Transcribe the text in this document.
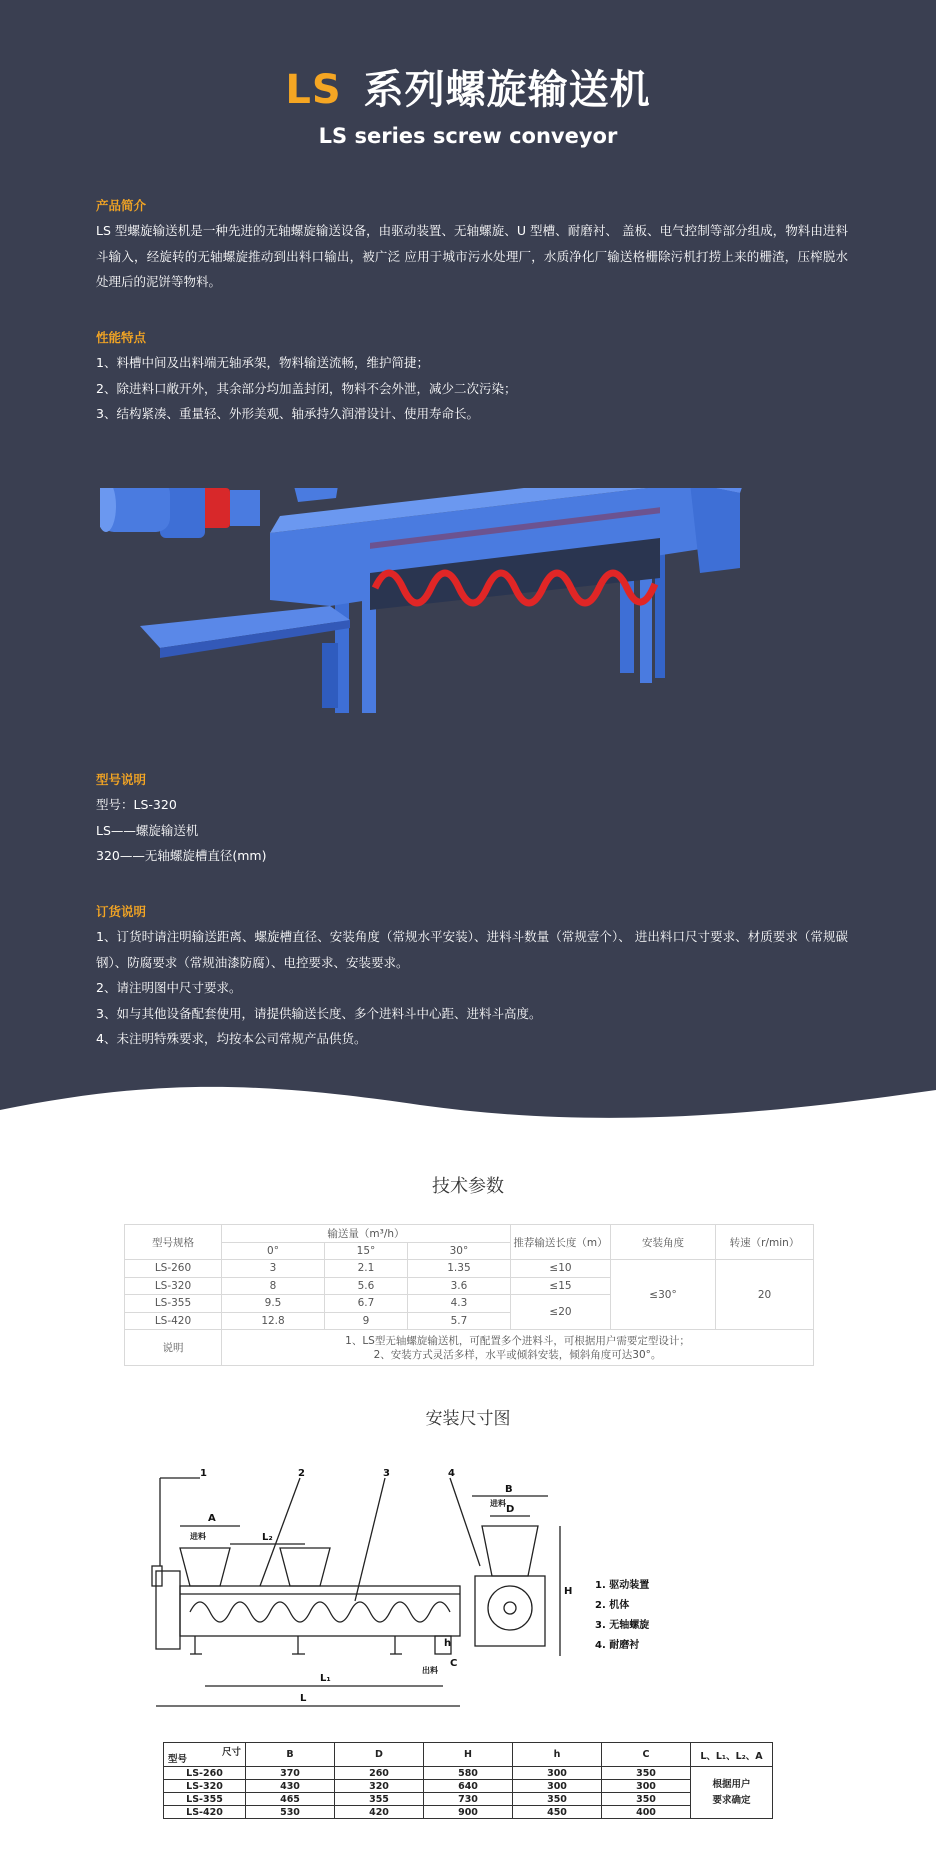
LS 系列螺旋输送机
LS series screw conveyor
产品简介

LS 型螺旋输送机是一种先进的无轴螺旋输送设备，由驱动装置、无轴螺旋、U 型槽、耐磨衬、 盖板、电气控制等部分组成，物料由进料斗输入，经旋转的无轴螺旋推动到出料口输出，被广泛 应用于城市污水处理厂，水质净化厂输送格栅除污机打捞上来的栅渣，压榨脱水处理后的泥饼等物料。

性能特点

1、料槽中间及出料端无轴承架，物料输送流畅，维护简捷；

2、除进料口敞开外，其余部分均加盖封闭，物料不会外泄，减少二次污染；

3、结构紧凑、重量轻、外形美观、轴承持久润滑设计、使用寿命长。

型号说明

型号：LS-320

LS——螺旋输送机

320——无轴螺旋槽直径(mm)

订货说明

1、订货时请注明输送距离、螺旋槽直径、安装角度（常规水平安装）、进料斗数量（常规壹个）、 进出料口尺寸要求、材质要求（常规碳钢）、防腐要求（常规油漆防腐）、电控要求、安装要求。

2、请注明图中尺寸要求。

3、如与其他设备配套使用，请提供输送长度、多个进料斗中心距、进料斗高度。

4、未注明特殊要求，均按本公司常规产品供货。

技术参数
型号规格	输送量（m³/h）			推荐输送长度（m）	安装角度	转速（r/min）
	0°	15°	30°			
LS-260	3	2.1	1.35	≤10	≤30°	20
LS-320	8	5.6	3.6	≤15		
LS-355	9.5	6.7	4.3	≤20		
LS-420	12.8	9	5.7			
说明	1、LS型无轴螺旋输送机，可配置多个进料斗，可根据用户需要定型设计；
2、安装方式灵活多样，水平或倾斜安装，倾斜角度可达30°。					
安装尺寸图
1	2	3	4
A
进料	L₂
L₁
L
出料
C
h
B
D
进料
H
1. 驱动装置
2. 机体
3. 无轴螺旋
4. 耐磨衬
尺寸
型号	B	D	H	h	C	L、L₁、L₂、A
LS-260	370	260	580	300	350	根据用户
要求确定

LS-320	430	320	640	300	300	
LS-355	465	355	730	350	350	
LS-420	530	420	900	450	400	
